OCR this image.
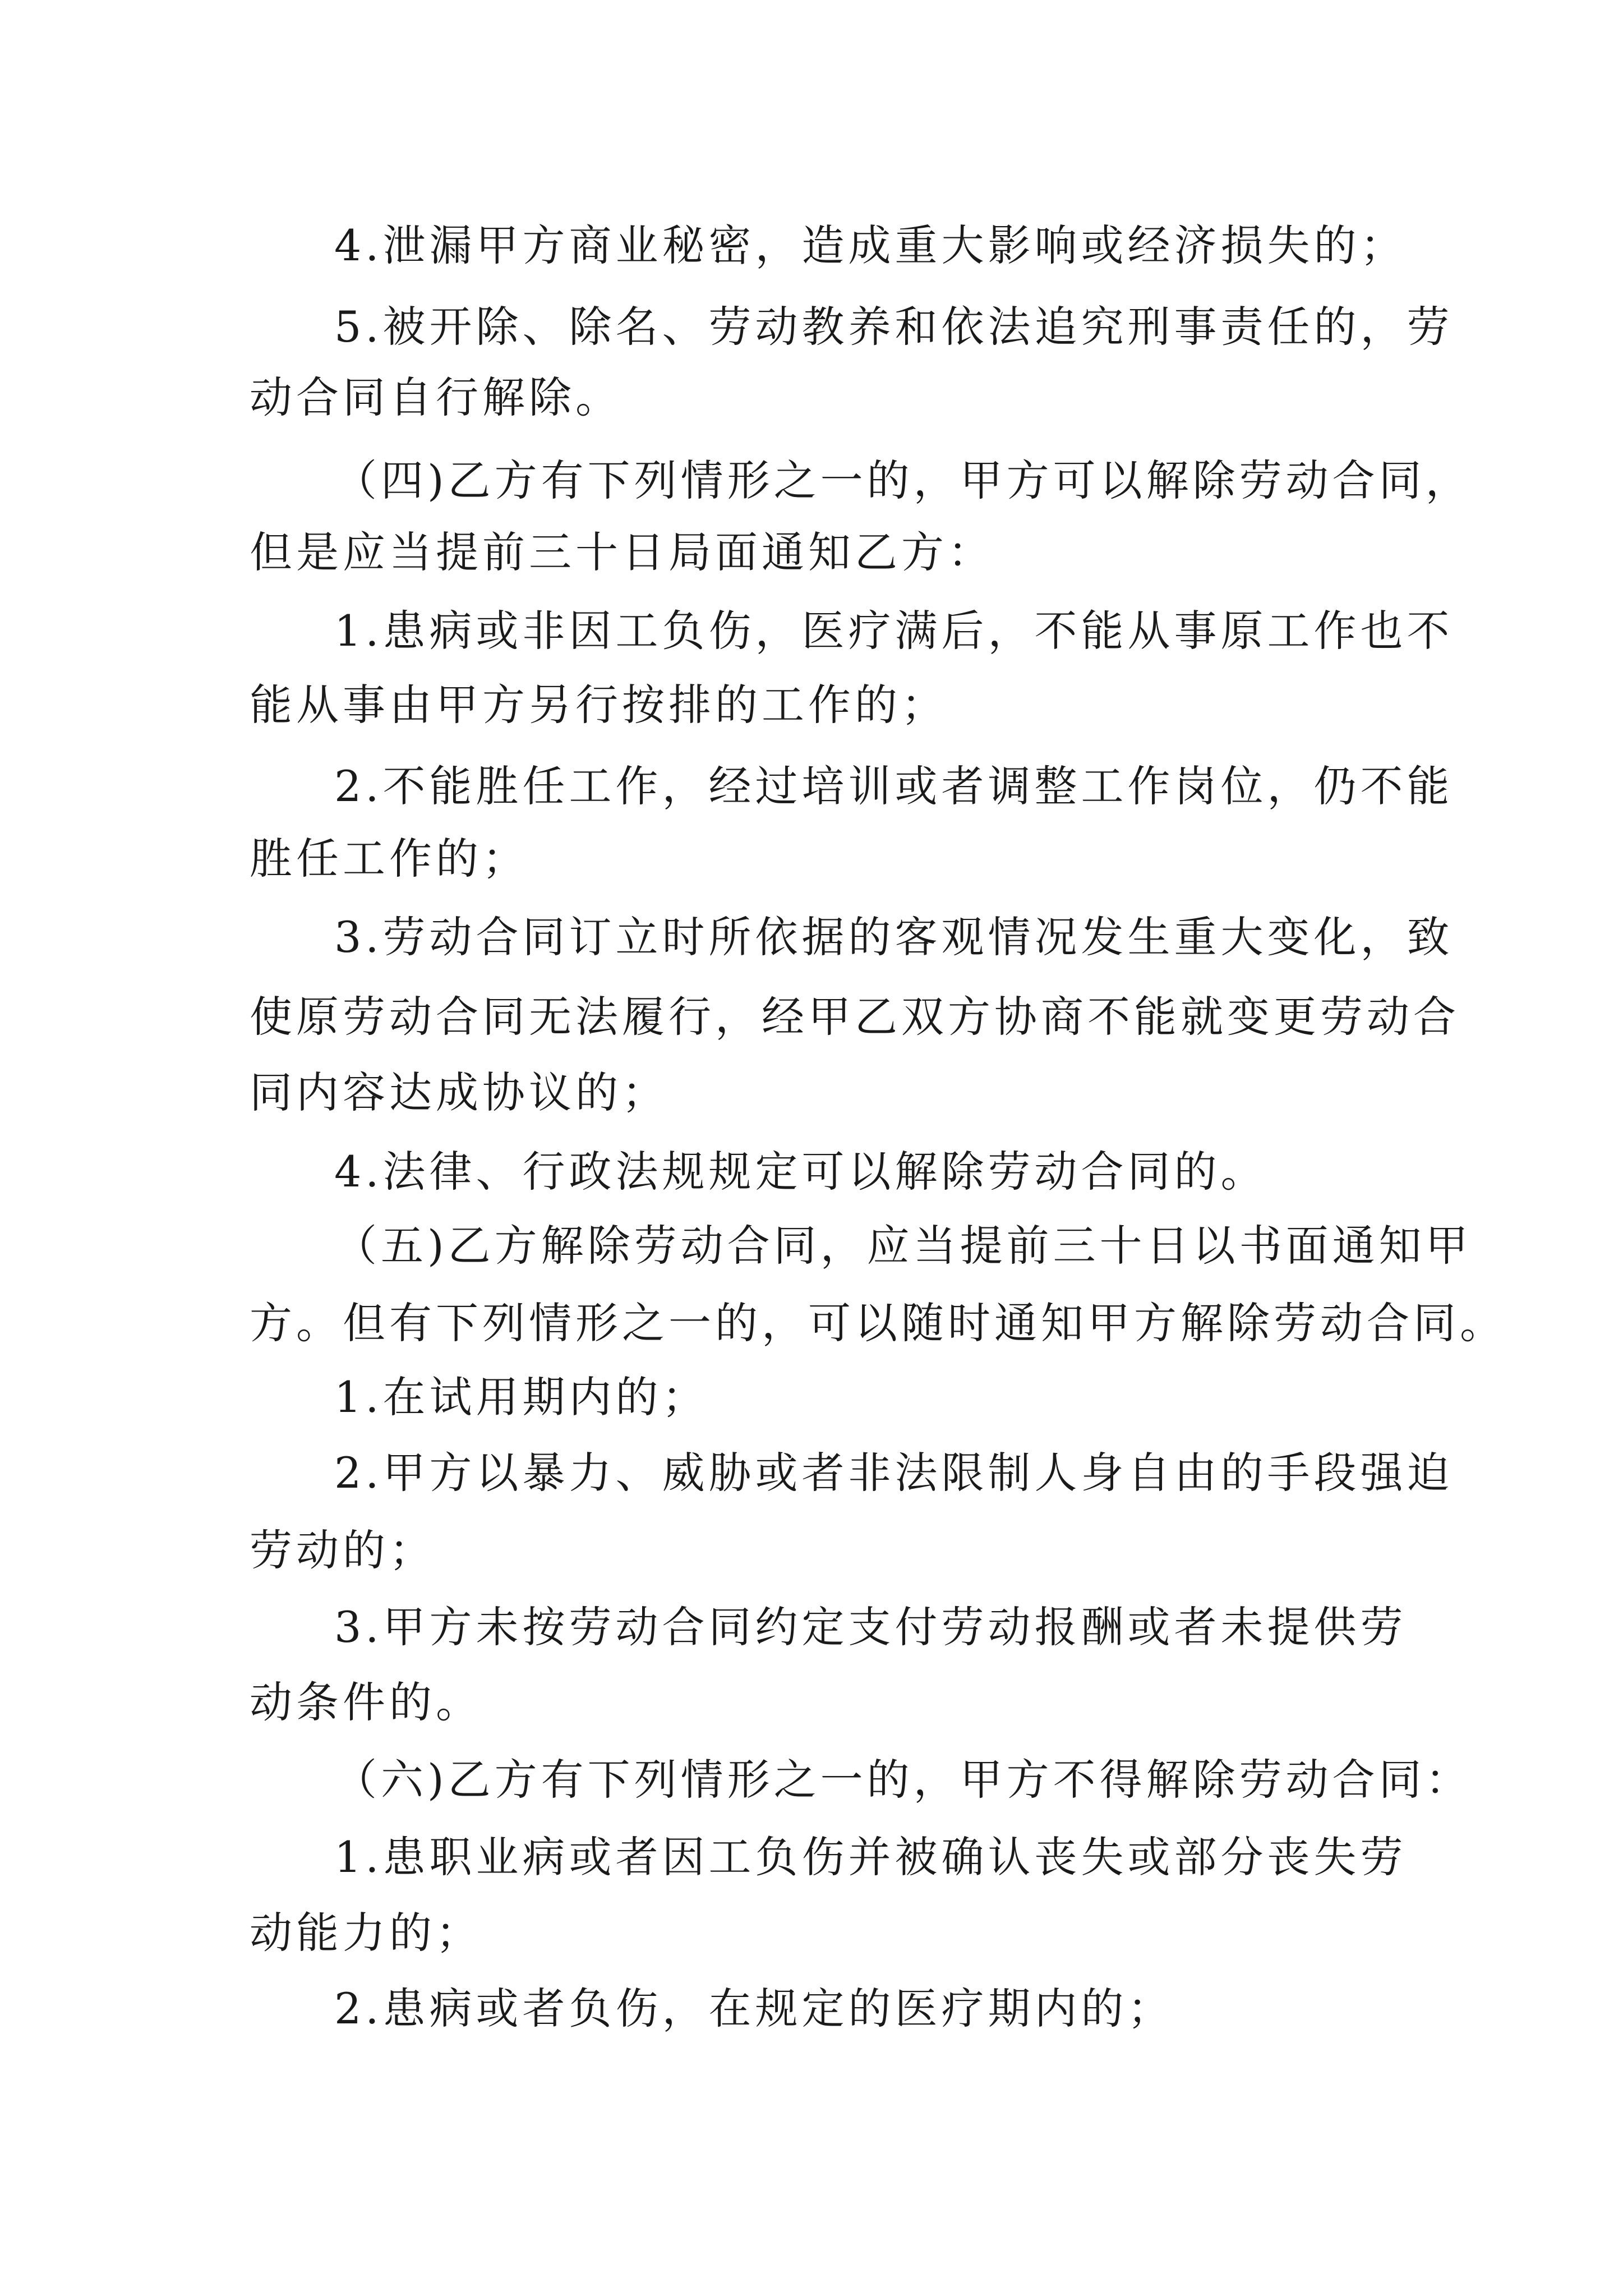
4.泄漏甲方商业秘密，造成重大影响或经济损失的；
5.被开除、除名、劳动教养和依法追究刑事责任的，劳
动合同自行解除。
（四)乙方有下列情形之一的，甲方可以解除劳动合同，
但是应当提前三十日局面通知乙方：
1.患病或非因工负伤，医疗满后，不能从事原工作也不
能从事由甲方另行按排的工作的；
2.不能胜任工作，经过培训或者调整工作岗位，仍不能
胜任工作的；
3.劳动合同订立时所依据的客观情况发生重大变化，致
使原劳动合同无法履行，经甲乙双方协商不能就变更劳动合
同内容达成协议的；
4.法律、行政法规规定可以解除劳动合同的。
（五)乙方解除劳动合同，应当提前三十日以书面通知甲
方。但有下列情形之一的，可以随时通知甲方解除劳动合同。
1.在试用期内的；
2.甲方以暴力、威胁或者非法限制人身自由的手段强迫
劳动的；
3.甲方未按劳动合同约定支付劳动报酬或者未提供劳
动条件的。
（六)乙方有下列情形之一的，甲方不得解除劳动合同：
1.患职业病或者因工负伤并被确认丧失或部分丧失劳
动能力的；
2.患病或者负伤，在规定的医疗期内的；
